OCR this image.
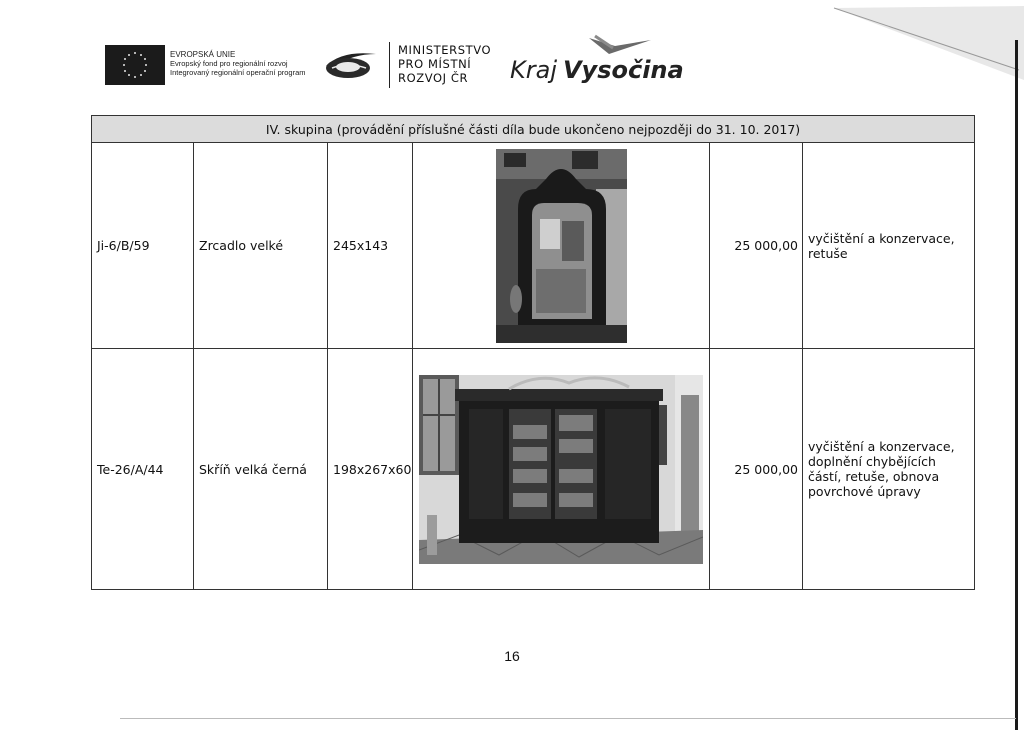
EVROPSKÁ UNIE
Evropský fond pro regionální rozvoj
Integrovaný regionální operační program
MINISTERSTVO
PRO MÍSTNÍ
ROZVOJ ČR	Kraj Vysočina
IV. skupina (provádění příslušné části díla bude ukončeno nejpozději do 31. 10. 2017)					
Ji-6/B/59	Zrcadlo velké	245x143		25 000,00	vyčištění a konzervace, retuše
Te-26/A/44	Skříň velká černá	198x267x60		25 000,00	vyčištění a konzervace, doplnění chybějících částí, retuše, obnova povrchové úpravy
16
